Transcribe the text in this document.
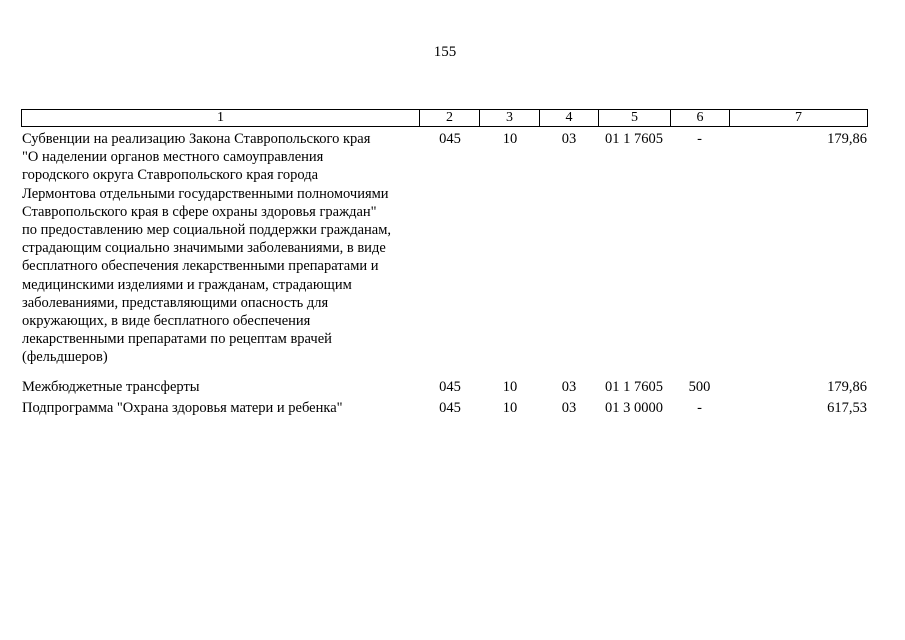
155
1	2	3	4	5	6	7
Субвенции на реализацию Закона Ставропольского края
"О наделении органов местного самоуправления
городского округа Ставропольского края города
Лермонтова отдельными государственными полномочиями
Ставропольского края в сфере охраны здоровья граждан"
по предоставлению мер социальной поддержки гражданам,
страдающим социально значимыми заболеваниями, в виде
бесплатного обеспечения лекарственными препаратами и
медицинскими изделиями и гражданам, страдающим
заболеваниями, представляющими опасность для
окружающих, в виде бесплатного обеспечения
лекарственными препаратами по рецептам врачей
(фельдшеров)
045	10	03	01 1 7605	-	179,86
Межбюджетные трансферты	045	10	03	01 1 7605	500	179,86
Подпрограмма "Охрана здоровья матери и ребенка"	045	10	03	01 3 0000	-	617,53
